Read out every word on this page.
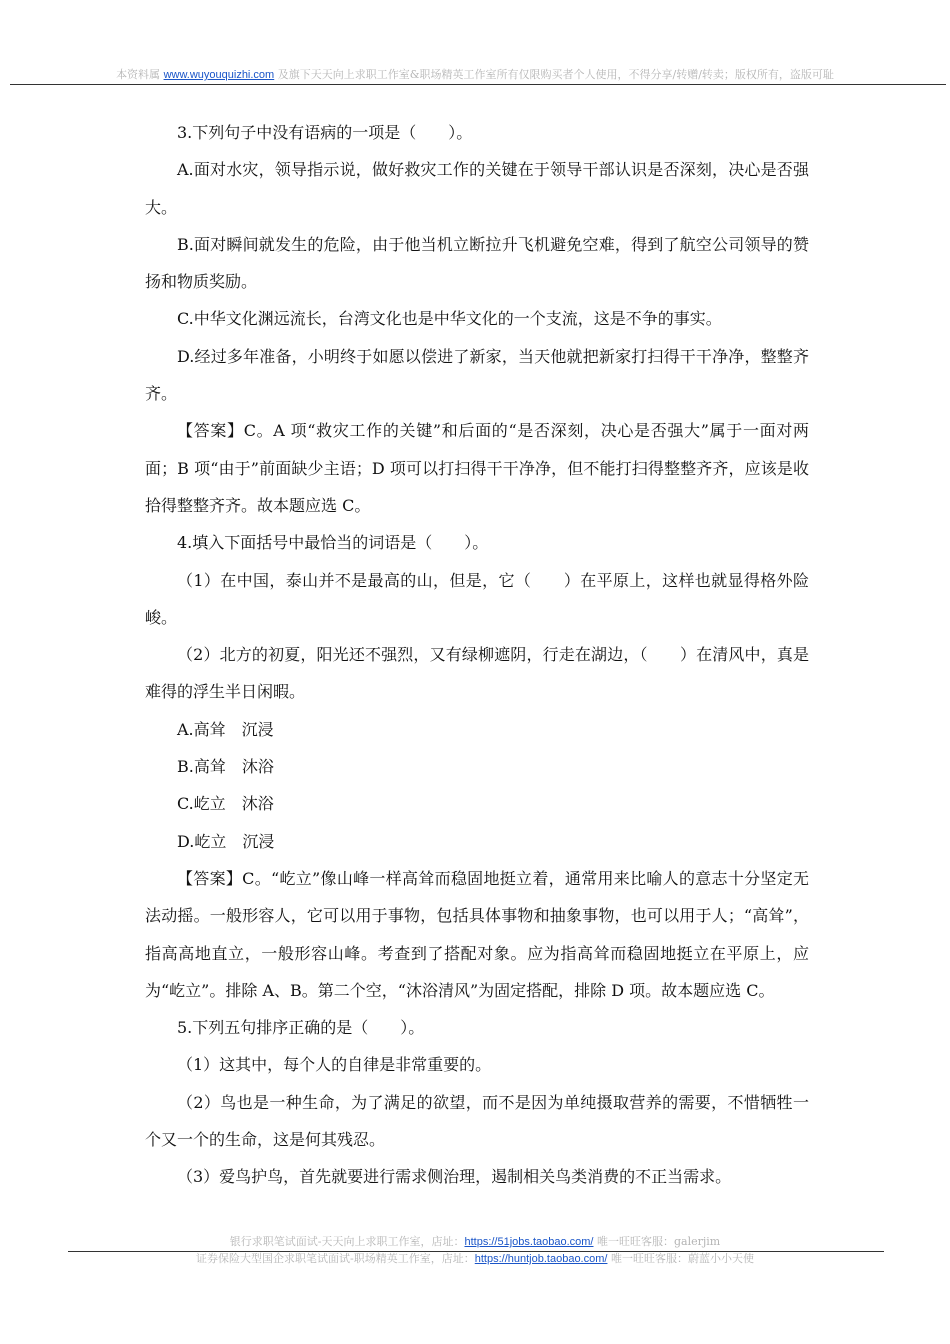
本资料属 www.wuyouquizhi.com 及旗下天天向上求职工作室&职场精英工作室所有仅限购买者个人使用，不得分享/转赠/转卖；版权所有，盗版可耻

3.下列句子中没有语病的一项是（　　）。

A.面对水灾，领导指示说，做好救灾工作的关键在于领导干部认识是否深刻，决心是否强大。

B.面对瞬间就发生的危险，由于他当机立断拉升飞机避免空难，得到了航空公司领导的赞扬和物质奖励。

C.中华文化渊远流长，台湾文化也是中华文化的一个支流，这是不争的事实。

D.经过多年准备，小明终于如愿以偿进了新家，当天他就把新家打扫得干干净净，整整齐齐。

【答案】C。A 项“救灾工作的关键”和后面的“是否深刻，决心是否强大”属于一面对两面；B 项“由于”前面缺少主语；D 项可以打扫得干干净净，但不能打扫得整整齐齐，应该是收拾得整整齐齐。故本题应选 C。

4.填入下面括号中最恰当的词语是（　　）。

（1）在中国，泰山并不是最高的山，但是，它（　　）在平原上，这样也就显得格外险峻。

（2）北方的初夏，阳光还不强烈，又有绿柳遮阴，行走在湖边，（　　）在清风中，真是难得的浮生半日闲暇。

A.高耸　沉浸

B.高耸　沐浴

C.屹立　沐浴

D.屹立　沉浸

【答案】C。“屹立”像山峰一样高耸而稳固地挺立着，通常用来比喻人的意志十分坚定无法动摇。一般形容人，它可以用于事物，包括具体事物和抽象事物，也可以用于人；“高耸”，指高高地直立，一般形容山峰。考查到了搭配对象。应为指高耸而稳固地挺立在平原上，应为“屹立”。排除 A、B。第二个空，“沐浴清风”为固定搭配，排除 D 项。故本题应选 C。

5.下列五句排序正确的是（　　）。

（1）这其中，每个人的自律是非常重要的。

（2）鸟也是一种生命，为了满足的欲望，而不是因为单纯摄取营养的需要，不惜牺牲一个又一个的生命，这是何其残忍。

（3）爱鸟护鸟，首先就要进行需求侧治理，遏制相关鸟类消费的不正当需求。

银行求职笔试面试-天天向上求职工作室，店址：https://51jobs.taobao.com/ 唯一旺旺客服：galerjim
证券保险大型国企求职笔试面试-职场精英工作室，店址：https://huntjob.taobao.com/ 唯一旺旺客服：蔚蓝小小天使
